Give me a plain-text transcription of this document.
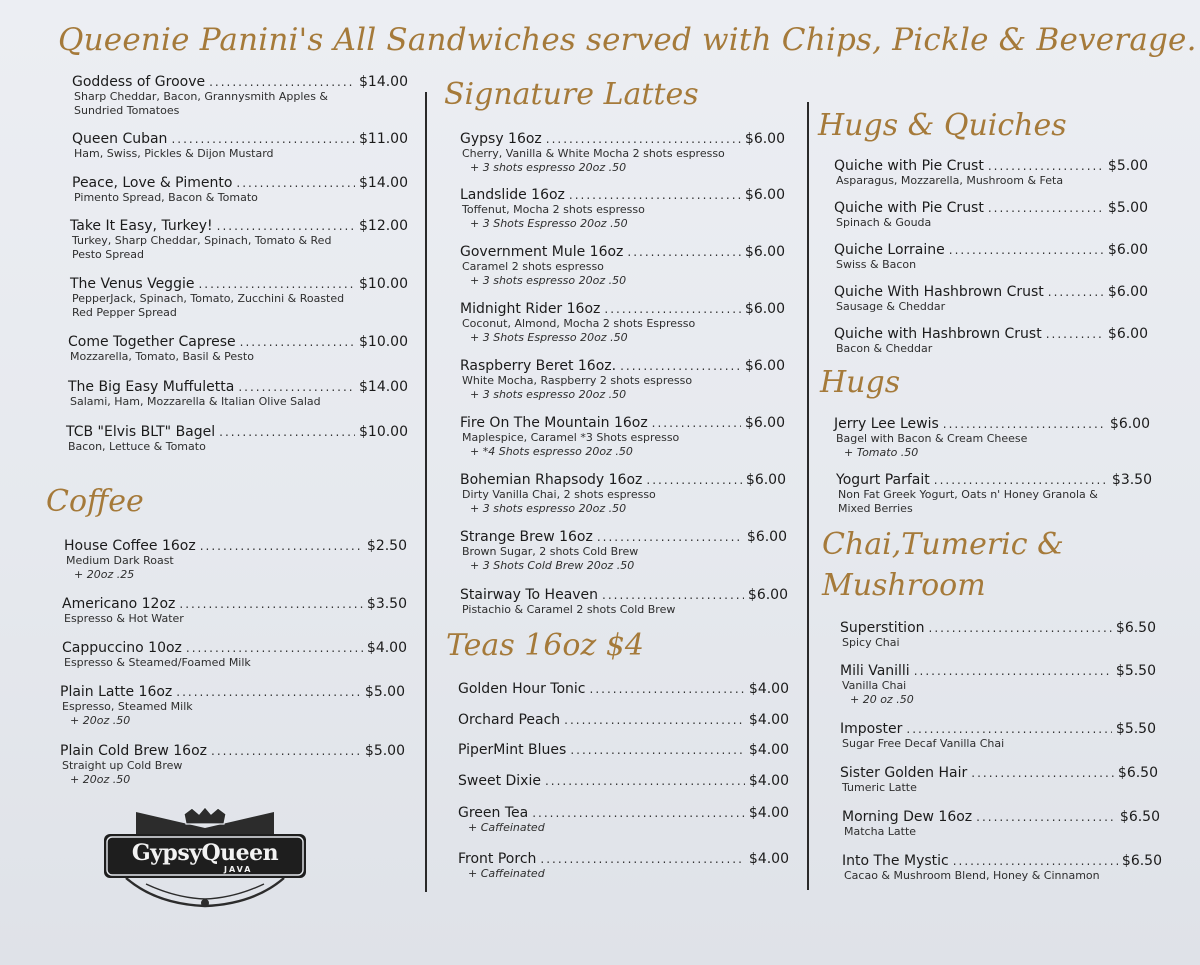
Queenie Panini's All Sandwiches served with Chips, Pickle & Beverage.
Goddess of Groove .....	$14.00
Sharp Cheddar, Bacon, Grannysmith Apples & Sundried Tomatoes
Queen Cuban .....	$11.00
Ham, Swiss, Pickles & Dijon Mustard
Peace, Love & Pimento .....	$14.00
Pimento Spread, Bacon & Tomato
Take It Easy, Turkey! .....	$12.00
Turkey, Sharp Cheddar, Spinach, Tomato & Red Pesto Spread
The Venus Veggie .....	$10.00
PepperJack, Spinach, Tomato, Zucchini & Roasted Red Pepper Spread
Come Together Caprese .....	$10.00
Mozzarella, Tomato, Basil & Pesto
The Big Easy Muffuletta .....	$14.00
Salami, Ham, Mozzarella & Italian Olive Salad
TCB "Elvis BLT" Bagel .....	$10.00
Bacon, Lettuce & Tomato
Coffee
House Coffee 16oz .....	$2.50
Medium Dark Roast
+ 20oz .25
Americano 12oz .....	$3.50
Espresso & Hot Water
Cappuccino 10oz .....	$4.00
Espresso & Steamed/Foamed Milk
Plain Latte 16oz .....	$5.00
Espresso, Steamed Milk
+ 20oz .50
Plain Cold Brew 16oz .....	$5.00
Straight up Cold Brew
+ 20oz .50
GypsyQueen
JAVA
Signature Lattes
Gypsy 16oz .....	$6.00
Cherry, Vanilla & White Mocha 2 shots espresso
+ 3 shots espresso 20oz .50
Landslide 16oz .....	$6.00
Toffenut, Mocha 2 shots espresso
+ 3 Shots Espresso 20oz .50
Government Mule 16oz .....	$6.00
Caramel 2 shots espresso
+ 3 shots espresso 20oz .50
Midnight Rider 16oz .....	$6.00
Coconut, Almond, Mocha 2 shots Espresso
+ 3 Shots Espresso 20oz .50
Raspberry Beret 16oz. .....	$6.00
White Mocha, Raspberry 2 shots espresso
+ 3 shots espresso 20oz .50
Fire On The Mountain 16oz .....	$6.00
Maplespice, Caramel *3 Shots espresso
+ *4 Shots espresso 20oz .50
Bohemian Rhapsody 16oz .....	$6.00
Dirty Vanilla Chai, 2 shots espresso
+ 3 shots espresso 20oz .50
Strange Brew 16oz .....	$6.00
Brown Sugar, 2 shots Cold Brew
+ 3 Shots Cold Brew 20oz .50
Stairway To Heaven .....	$6.00
Pistachio & Caramel 2 shots Cold Brew
Teas 16oz $4
Golden Hour Tonic .....	$4.00
Orchard Peach .....	$4.00
PiperMint Blues .....	$4.00
Sweet Dixie .....	$4.00
Green Tea .....	$4.00
+ Caffeinated
Front Porch .....	$4.00
+ Caffeinated
Hugs & Quiches
Quiche with Pie Crust .....	$5.00
Asparagus, Mozzarella, Mushroom & Feta
Quiche with Pie Crust .....	$5.00
Spinach & Gouda
Quiche Lorraine .....	$6.00
Swiss & Bacon
Quiche With Hashbrown Crust .....	$6.00
Sausage & Cheddar
Quiche with Hashbrown Crust .....	$6.00
Bacon & Cheddar
Hugs
Jerry Lee Lewis .....	$6.00
Bagel with Bacon & Cream Cheese
+ Tomato .50
Yogurt Parfait .....	$3.50
Non Fat Greek Yogurt, Oats n' Honey Granola & Mixed Berries
Chai,Tumeric &
Mushroom
Superstition .....	$6.50
Spicy Chai
Mili Vanilli .....	$5.50
Vanilla Chai
+ 20 oz .50
Imposter .....	$5.50
Sugar Free Decaf Vanilla Chai
Sister Golden Hair .....	$6.50
Tumeric Latte
Morning Dew 16oz .....	$6.50
Matcha Latte
Into The Mystic .....	$6.50
Cacao & Mushroom Blend, Honey & Cinnamon
